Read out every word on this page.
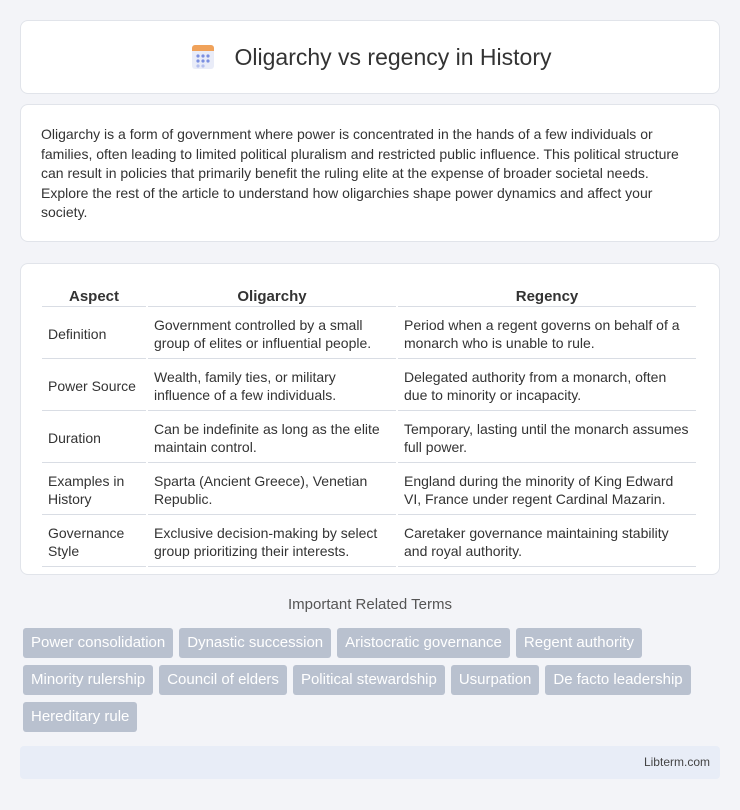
Oligarchy vs regency in History

Oligarchy is a form of government where power is concentrated in the hands of a few individuals or families, often leading to limited political pluralism and restricted public influence. This political structure can result in policies that primarily benefit the ruling elite at the expense of broader societal needs. Explore the rest of the article to understand how oligarchies shape power dynamics and affect your society.

Aspect	Oligarchy	Regency
Definition	Government controlled by a small group of elites or influential people.	Period when a regent governs on behalf of a monarch who is unable to rule.
Power Source	Wealth, family ties, or military influence of a few individuals.	Delegated authority from a monarch, often due to minority or incapacity.
Duration	Can be indefinite as long as the elite maintain control.	Temporary, lasting until the monarch assumes full power.
Examples in History	Sparta (Ancient Greece), Venetian Republic.	England during the minority of King Edward VI, France under regent Cardinal Mazarin.
Governance Style	Exclusive decision-making by select group prioritizing their interests.	Caretaker governance maintaining stability and royal authority.
Important Related Terms
Power consolidation	Dynastic succession	Aristocratic governance	Regent authority
Minority rulership	Council of elders	Political stewardship	Usurpation	De facto leadership
Hereditary rule
Libterm.com
